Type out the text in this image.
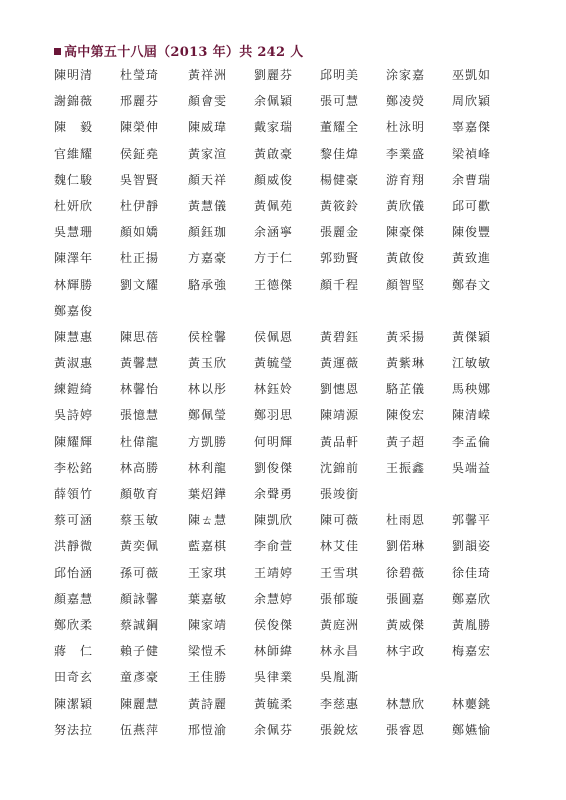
高中第五十八屆（2013 年）共 242 人
陳明清 杜瑩琦 黃祥洲 劉麗芬 邱明美 涂家嘉 巫凱如
謝錦薇 邢麗芬 顏會雯 余佩穎 張可慧 鄭凌熒 周欣穎
陳　毅 陳榮伸 陳威瑋 戴家瑞 董耀全 杜泳明 辜嘉傑
官維耀 侯鉦堯 黃家渲 黃啟豪 黎佳煒 李業盛 梁禎峰
魏仁駿 吳智賢 顏天祥 顏威俊 楊健豪 游育翔 余曹瑞
杜妍欣 杜伊靜 黃慧儀 黃佩苑 黃筱鈴 黃欣儀 邱可歡
吳慧珊 顏如嬌 顏鈺珈 余涵寧 張麗金 陳豪傑 陳俊豐
陳澤年 杜正揚 方嘉豪 方于仁 郭勁賢 黃啟俊 黃致進
林輝勝 劉文耀 駱承強 王德傑 顏千程 顏智堅 鄭春文
鄭嘉俊
陳慧惠 陳思蓓 侯栓馨 侯佩恩 黃碧鈺 黃采揚 黃傑穎
黃淑惠 黃馨慧 黃玉欣 黃毓瑩 黃運薇 黃紫琳 江敏敏
練鎧綺 林馨怡 林以彤 林鈺姈 劉憓恩 駱芷儀 馬秧娜
吳詩婷 張憶慧 鄭佩瑩 鄭羽思 陳靖源 陳俊宏 陳清嵘
陳耀輝 杜偉龍 方凱勝 何明輝 黃品軒 黃子超 李孟倫
李松銘 林高勝 林利龍 劉俊傑 沈錦前 王振鑫 吳端益
薛領竹 顏敬育 葉炤鏵 余聲勇 張竣銜
蔡可涵 蔡玉敏 陳ㄊ慧 陳凱欣 陳可薇 杜雨恩 郭馨平
洪靜微 黃奕佩 藍嘉棋 李俞萱 林艾佳 劉偌琳 劉韻姿
邱怡涵 孫可薇 王家琪 王靖婷 王雪琪 徐碧薇 徐佳琦
顏嘉慧 顏詠馨 葉嘉敏 余慧婷 張郁璇 張圓嘉 鄭嘉欣
鄭欣柔 蔡誠鋼 陳家靖 侯俊傑 黃庭洲 黃威傑 黃胤勝
蔣　仁 賴子健 梁愷禾 林師緯 林永昌 林宇政 梅嘉宏
田奇玄 童彥豪 王佳勝 吳律業 吳胤澌
陳潔穎 陳麗慧 黃詩麗 黃毓柔 李慈惠 林慧欣 林蘡銚
努法拉 伍燕萍 邢愷渝 余佩芬 張銳炫 張睿恩 鄭嬿愉
